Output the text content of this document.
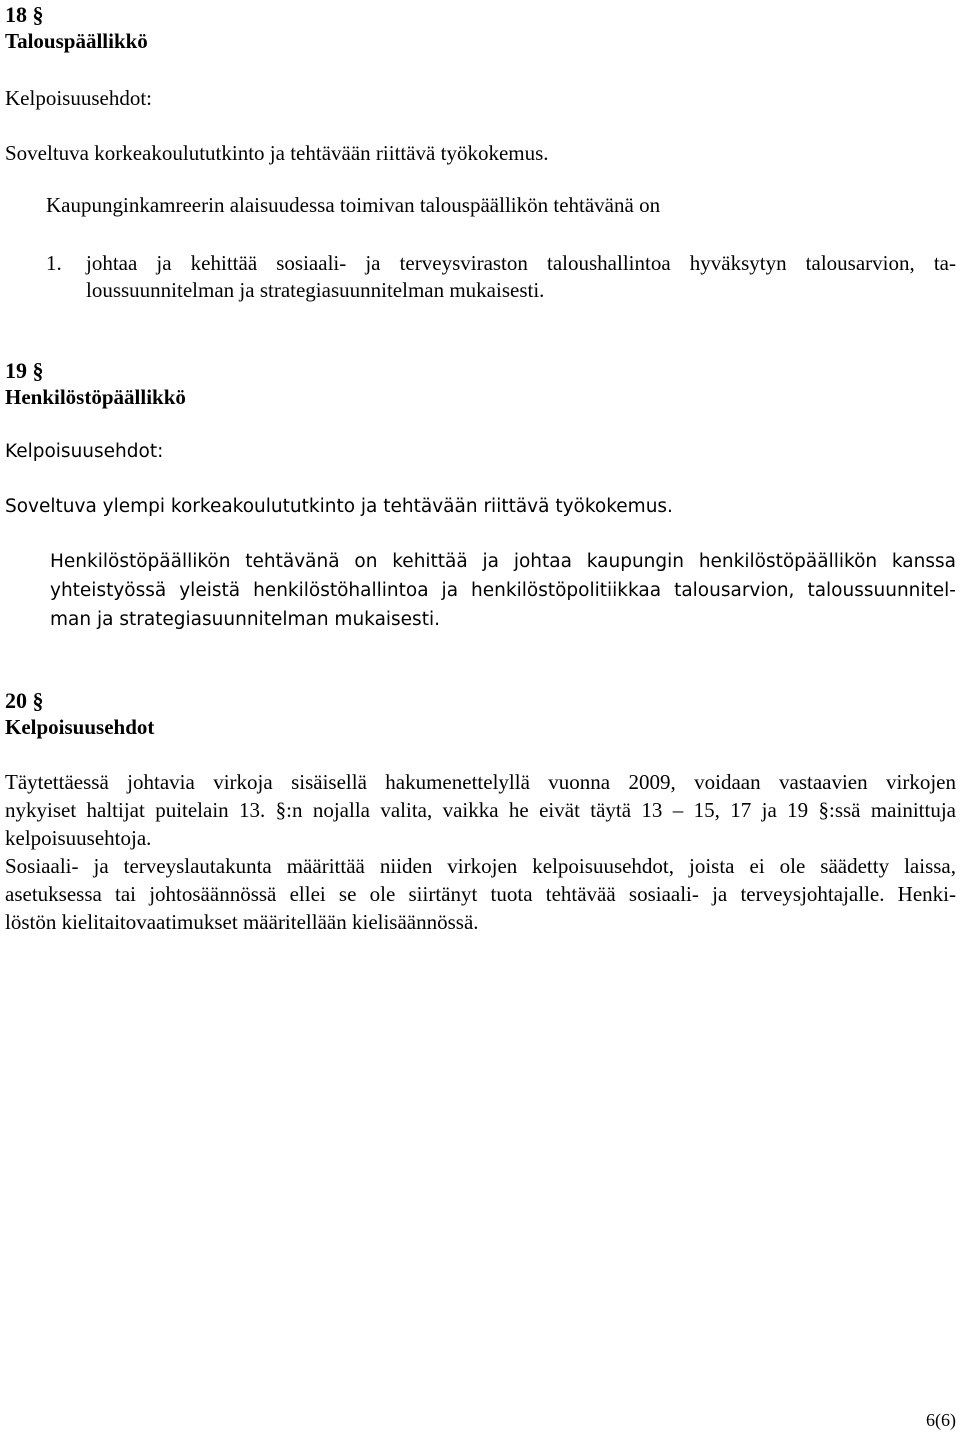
18 §
Talouspäällikkö
Kelpoisuusehdot:
Soveltuva korkeakoulututkinto ja tehtävään riittävä työkokemus.
Kaupunginkamreerin alaisuudessa toimivan talouspäällikön tehtävänä on
1. johtaa ja kehittää sosiaali- ja terveysviraston taloushallintoa hyväksytyn talousarvion, ta-
loussuunnitelman ja strategiasuunnitelman mukaisesti.
19 §
Henkilöstöpäällikkö
Kelpoisuusehdot:
Soveltuva ylempi korkeakoulututkinto ja tehtävään riittävä työkokemus.
Henkilöstöpäällikön tehtävänä on kehittää ja johtaa kaupungin henkilöstöpäällikön kanssa
yhteistyössä yleistä henkilöstöhallintoa ja henkilöstöpolitiikkaa talousarvion, taloussuunnitel-
man ja strategiasuunnitelman mukaisesti.
20 §
Kelpoisuusehdot
Täytettäessä johtavia virkoja sisäisellä hakumenettelyllä vuonna 2009, voidaan vastaavien virkojen
nykyiset haltijat puitelain 13. §:n nojalla valita, vaikka he eivät täytä 13 – 15, 17 ja 19 §:ssä mainittuja
kelpoisuusehtoja.
Sosiaali- ja terveyslautakunta määrittää niiden virkojen kelpoisuusehdot, joista ei ole säädetty laissa,
asetuksessa tai johtosäännössä ellei se ole siirtänyt tuota tehtävää sosiaali- ja terveysjohtajalle. Henki-
löstön kielitaitovaatimukset määritellään kielisäännössä.
6(6)
